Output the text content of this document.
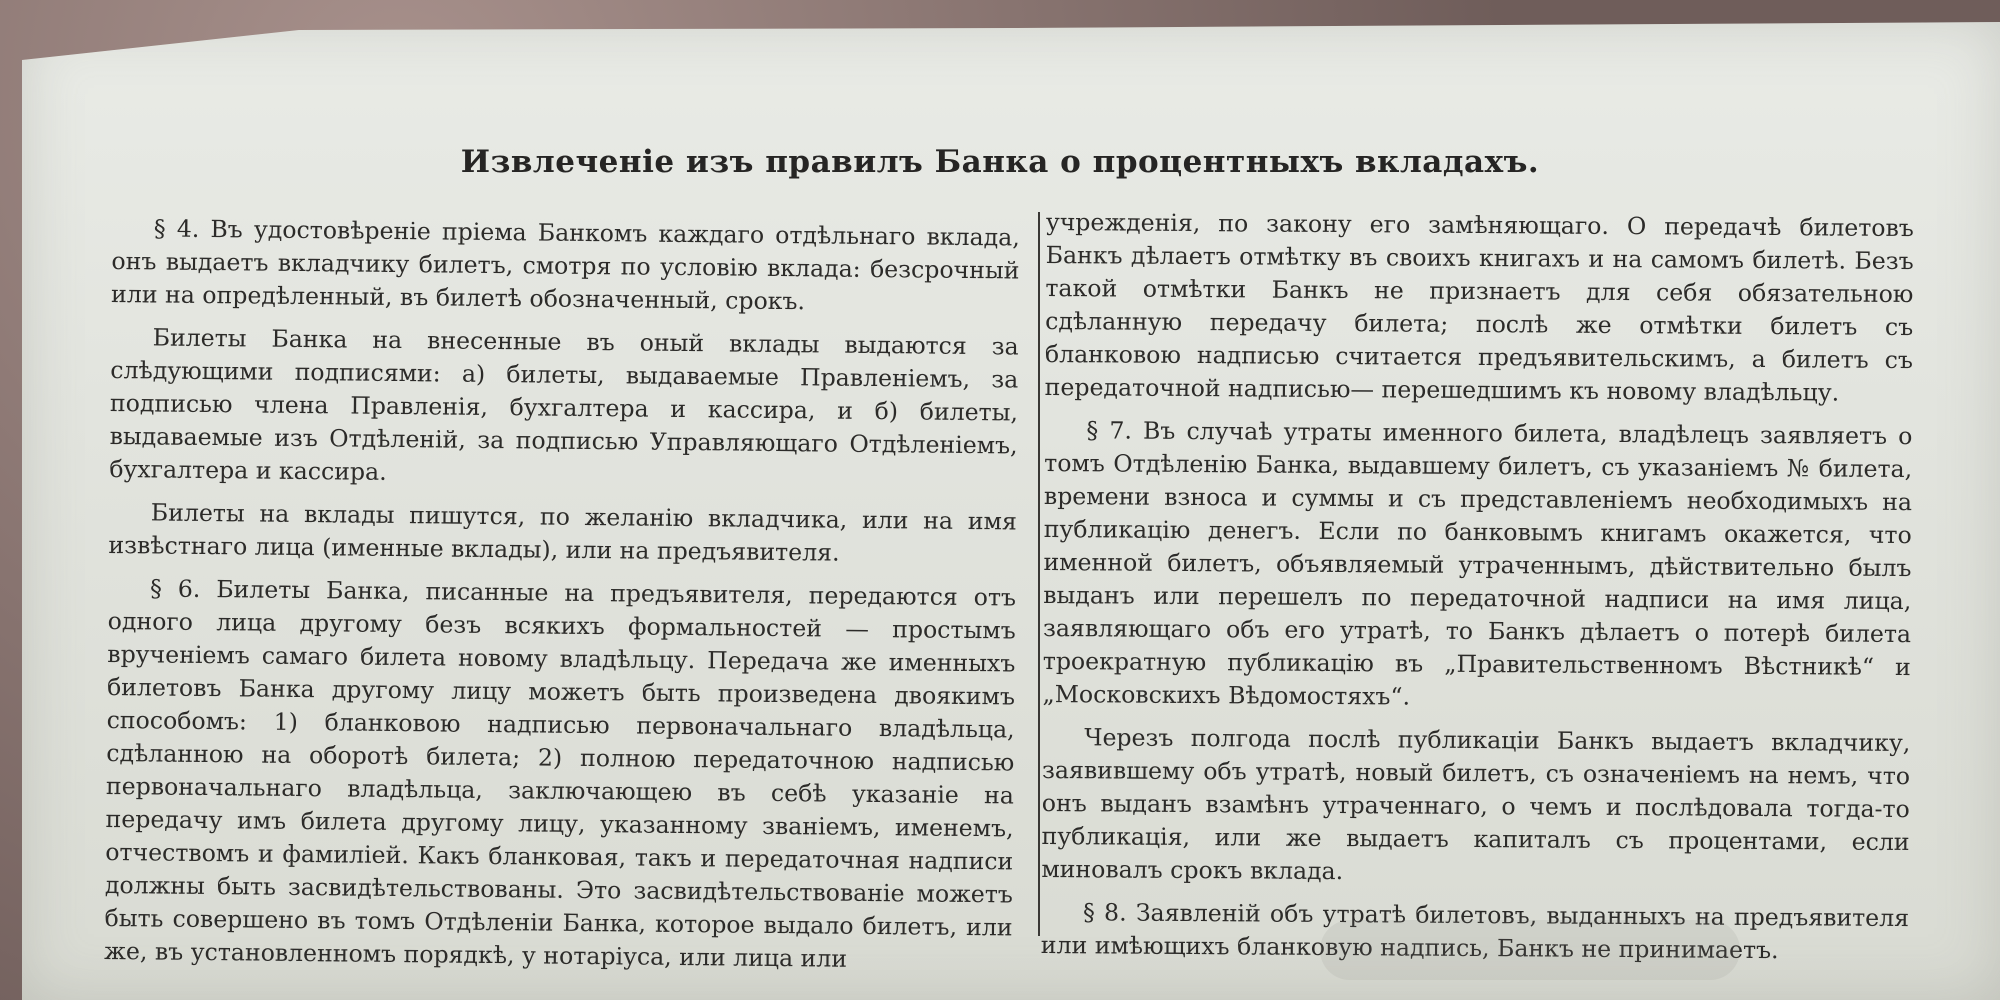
Извлеченіе изъ правилъ Банка о процентныхъ вкладахъ.

§ 4. Въ удостовѣреніе пріема Банкомъ каждаго отдѣльнаго вклада, онъ выдаетъ вкладчику билетъ, смотря по условію вклада: безсрочный или на опредѣленный, въ билетѣ обозначенный, срокъ.

Билеты Банка на внесенные въ оный вклады выдаются за слѣдующими подписями: а) билеты, выдаваемые Правленіемъ, за подписью члена Правленія, бухгалтера и кассира, и б) билеты, выдаваемые изъ Отдѣленій, за подписью Управляющаго Отдѣленіемъ, бухгалтера и кассира.

Билеты на вклады пишутся, по желанію вкладчика, или на имя извѣстнаго лица (именные вклады), или на предъявителя.

§ 6. Билеты Банка, писанные на предъявителя, передаются отъ одного лица другому безъ всякихъ формальностей — простымъ врученіемъ самаго билета новому владѣльцу. Передача же именныхъ билетовъ Банка другому лицу можетъ быть произведена двоякимъ способомъ: 1) бланковою надписью первоначальнаго владѣльца, сдѣланною на оборотѣ билета; 2) полною передаточною надписью первоначальнаго владѣльца, заключающею въ себѣ указаніе на передачу имъ билета другому лицу, указанному званіемъ, именемъ, отчествомъ и фамиліей. Какъ бланковая, такъ и передаточная надписи должны быть засвидѣтельствованы. Это засвидѣтельствованіе можетъ быть совершено въ томъ Отдѣленіи Банка, которое выдало билетъ, или же, въ установленномъ порядкѣ, у нотаріуса, или лица или

учрежденія, по закону его замѣняющаго. О передачѣ билетовъ Банкъ дѣлаетъ отмѣтку въ своихъ книгахъ и на самомъ билетѣ. Безъ такой отмѣтки Банкъ не признаетъ для себя обязательною сдѣланную передачу билета; послѣ же отмѣтки билетъ съ бланковою надписью считается предъявительскимъ, а билетъ съ передаточной надписью— перешедшимъ къ новому владѣльцу.

§ 7. Въ случаѣ утраты именного билета, владѣлецъ заявляетъ о томъ Отдѣленію Банка, выдавшему билетъ, съ указаніемъ № билета, времени взноса и суммы и съ представленіемъ необходимыхъ на публикацію денегъ. Если по банковымъ книгамъ окажется, что именной билетъ, объявляемый утраченнымъ, дѣйствительно былъ выданъ или перешелъ по передаточной надписи на имя лица, заявляющаго объ его утратѣ, то Банкъ дѣлаетъ о потерѣ билета троекратную публикацію въ „Правительственномъ Вѣстникѣ“ и „Московскихъ Вѣдомостяхъ“.

Черезъ полгода послѣ публикаціи Банкъ выдаетъ вкладчику, заявившему объ утратѣ, новый билетъ, съ означеніемъ на немъ, что онъ выданъ взамѣнъ утраченнаго, о чемъ и послѣдовала тогда-то публикація, или же выдаетъ капиталъ съ процентами, если миновалъ срокъ вклада.

§ 8. Заявленій объ утратѣ билетовъ, выданныхъ на предъявителя или имѣющихъ бланковую надпись, Банкъ не принимаетъ.
